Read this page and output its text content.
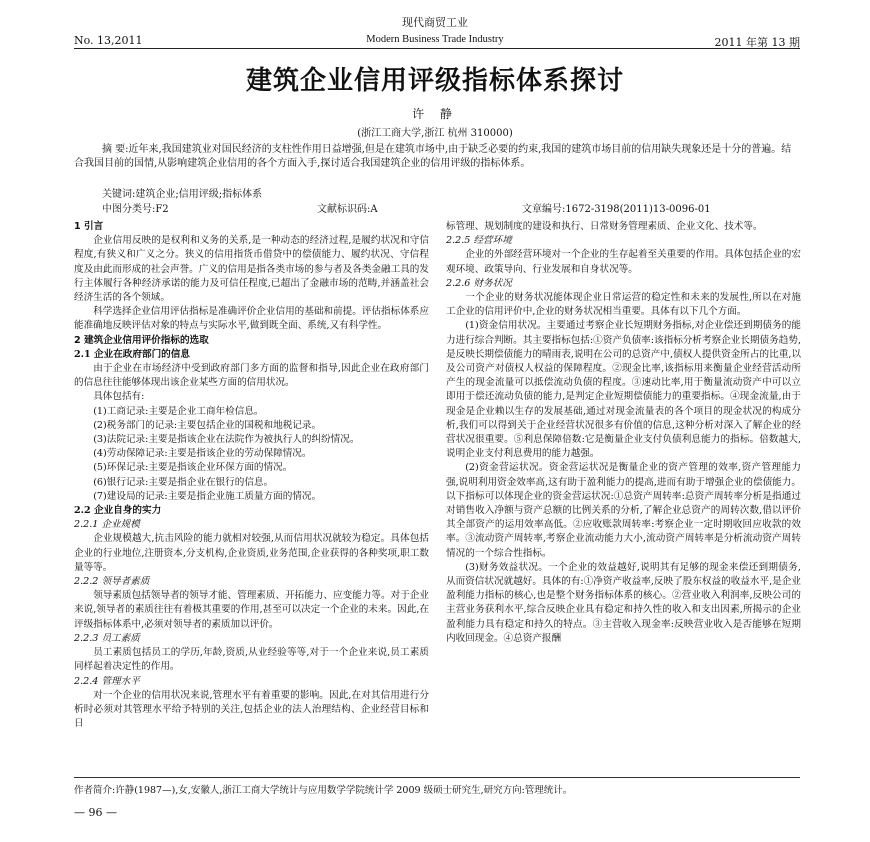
现代商贸工业
No. 13,2011	Modern Business Trade Industry	2011 年第 13 期
建筑企业信用评级指标体系探讨
许 静
(浙江工商大学,浙江 杭州 310000)
摘 要:近年来,我国建筑业对国民经济的支柱性作用日益增强,但是在建筑市场中,由于缺乏必要的约束,我国的建筑市场目前的信用缺失现象还是十分的普遍。结合我国目前的国情,从影响建筑企业信用的各个方面入手,探讨适合我国建筑企业的信用评级的指标体系。
关键词:建筑企业;信用评级;指标体系
中图分类号:F2	文献标识码:A	文章编号:1672-3198(2011)13-0096-01

1 引言

企业信用反映的是权利和义务的关系,是一种动态的经济过程,是履约状况和守信程度,有狭义和广义之分。狭义的信用指货币借贷中的偿债能力、履约状况、守信程度及由此而形成的社会声誉。广义的信用是指各类市场的参与者及各类金融工具的发行主体履行各种经济承诺的能力及可信任程度,已超出了金融市场的范畴,并涵盖社会经济生活的各个领域。

科学选择企业信用评估指标是准确评价企业信用的基础和前提。评估指标体系应能准确地反映评估对象的特点与实际水平,做到既全面、系统,又有科学性。

2 建筑企业信用评价指标的选取

2.1 企业在政府部门的信息

由于企业在市场经济中受到政府部门多方面的监督和指导,因此企业在政府部门的信息往往能够体现出该企业某些方面的信用状况。

具体包括有:

(1)工商记录:主要是企业工商年检信息。

(2)税务部门的记录:主要包括企业的国税和地税记录。

(3)法院记录:主要是指该企业在法院作为被执行人的纠纷情况。

(4)劳动保障记录:主要是指该企业的劳动保障情况。

(5)环保记录:主要是指该企业环保方面的情况。

(6)银行记录:主要是指企业在银行的信息。

(7)建设局的记录:主要是指企业施工质量方面的情况。

2.2 企业自身的实力

2.2.1 企业规模

企业规模越大,抗击风险的能力就相对较强,从而信用状况就较为稳定。具体包括企业的行业地位,注册资本,分支机构,企业资质,业务范围,企业获得的各种奖项,职工数量等等。

2.2.2 领导者素质

领导素质包括领导者的领导才能、管理素质、开拓能力、应变能力等。对于企业来说,领导者的素质往往有着极其重要的作用,甚至可以决定一个企业的未来。因此,在评级指标体系中,必须对领导者的素质加以评价。

2.2.3 员工素质

员工素质包括员工的学历,年龄,资质,从业经验等等,对于一个企业来说,员工素质同样起着决定性的作用。

2.2.4 管理水平

对一个企业的信用状况来说,管理水平有着重要的影响。因此,在对其信用进行分析时必须对其管理水平给予特别的关注,包括企业的法人治理结构、企业经营目标和日

标管理、规划制度的建设和执行、日常财务管理素质、企业文化、技术等。

2.2.5 经营环境

企业的外部经营环境对一个企业的生存起着至关重要的作用。具体包括企业的宏观环境、政策导向、行业发展和自身状况等。

2.2.6 财务状况

一个企业的财务状况能体现企业日常运营的稳定性和未来的发展性,所以在对施工企业的信用评价中,企业的财务状况相当重要。具体有以下几个方面。

(1)资金信用状况。主要通过考察企业长短期财务指标,对企业偿还到期债务的能力进行综合判断。其主要指标包括:①资产负债率:该指标分析考察企业长期债务趋势,是反映长期偿债能力的晴雨表,说明在公司的总资产中,债权人提供资金所占的比重,以及公司资产对债权人权益的保障程度。②现金比率,该指标用来衡量企业经营活动所产生的现金流量可以抵偿流动负债的程度。③速动比率,用于衡量流动资产中可以立即用于偿还流动负债的能力,是判定企业短期偿债能力的重要指标。④现金流量,由于现金是企业赖以生存的发展基础,通过对现金流量表的各个项目的现金状况的构成分析,我们可以得到关于企业经营状况很多有价值的信息,这种分析对深入了解企业的经营状况很重要。⑤利息保障倍数:它是衡量企业支付负债利息能力的指标。倍数越大,说明企业支付利息费用的能力越强。

(2)资金营运状况。资金营运状况是衡量企业的资产管理的效率,资产管理能力强,说明利用资金效率高,这有助于盈利能力的提高,进而有助于增强企业的偿债能力。以下指标可以体现企业的资金营运状况:①总资产周转率:总资产周转率分析是指通过对销售收入净额与资产总额的比例关系的分析,了解企业总资产的周转次数,借以评价其全部资产的运用效率高低。②应收账款周转率:考察企业一定时期收回应收款的效率。③流动资产周转率,考察企业流动能力大小,流动资产周转率是分析流动资产周转情况的一个综合性指标。

(3)财务效益状况。一个企业的效益越好,说明其有足够的现金来偿还到期债务,从而资信状况就越好。具体的有:①净资产收益率,反映了股东权益的收益水平,是企业盈利能力指标的核心,也是整个财务指标体系的核心。②营业收入利润率,反映公司的主营业务获利水平,综合反映企业具有稳定和持久性的收入和支出因素,所揭示的企业盈利能力具有稳定和持久的特点。③主营收入现金率:反映营业收入是否能够在短期内收回现金。④总资产报酬

作者简介:许静(1987—),女,安徽人,浙江工商大学统计与应用数学学院统计学 2009 级硕士研究生,研究方向:管理统计。
— 96 —
